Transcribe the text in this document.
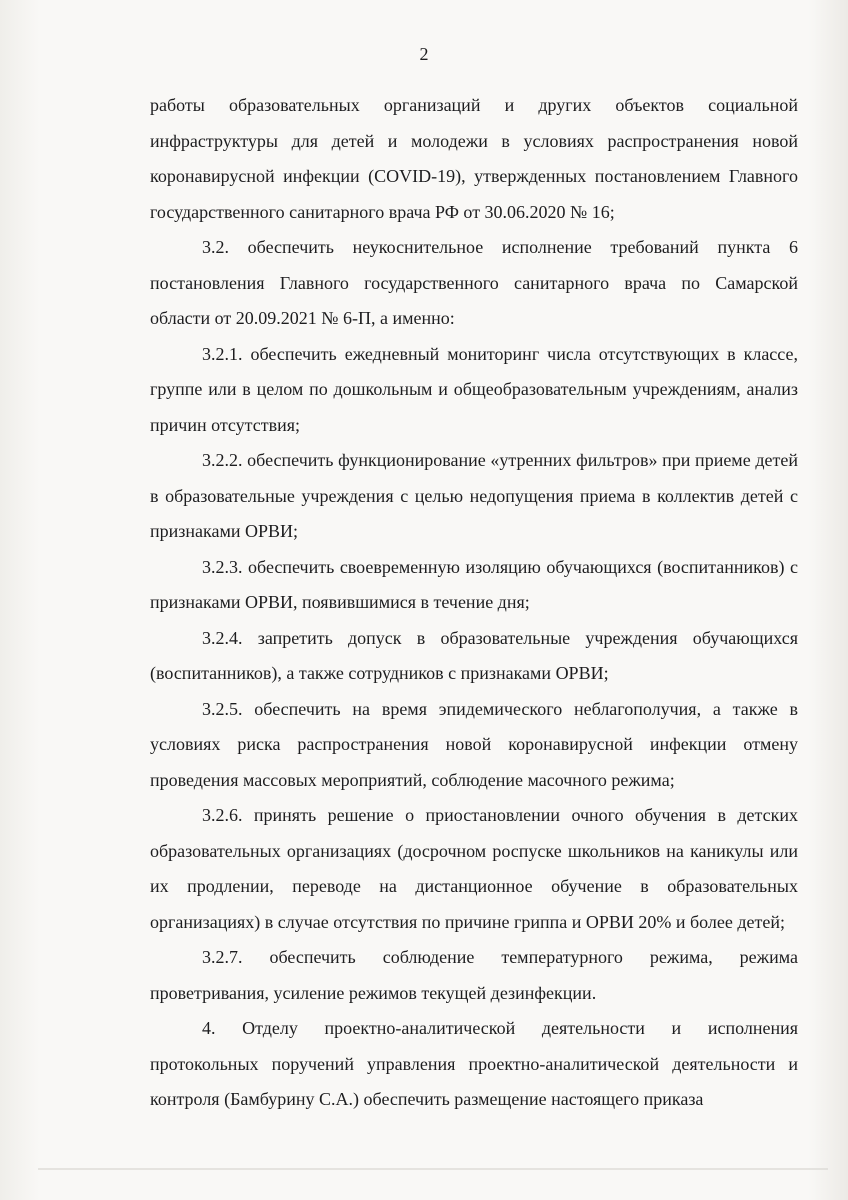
2

работы образовательных организаций и других объектов социальной инфраструктуры для детей и молодежи в условиях распространения новой коронавирусной инфекции (COVID-19), утвержденных постановлением Главного государственного санитарного врача РФ от 30.06.2020 № 16;

3.2. обеспечить неукоснительное исполнение требований пункта 6 постановления Главного государственного санитарного врача по Самарской области от 20.09.2021 № 6-П, а именно:

3.2.1. обеспечить ежедневный мониторинг числа отсутствующих в классе, группе или в целом по дошкольным и общеобразовательным учреждениям, анализ причин отсутствия;

3.2.2. обеспечить функционирование «утренних фильтров» при приеме детей в образовательные учреждения с целью недопущения приема в коллектив детей с признаками ОРВИ;

3.2.3. обеспечить своевременную изоляцию обучающихся (воспитанников) с признаками ОРВИ, появившимися в течение дня;

3.2.4. запретить допуск в образовательные учреждения обучающихся (воспитанников), а также сотрудников с признаками ОРВИ;

3.2.5. обеспечить на время эпидемического неблагополучия, а также в условиях риска распространения новой коронавирусной инфекции отмену проведения массовых мероприятий, соблюдение масочного режима;

3.2.6. принять решение о приостановлении очного обучения в детских образовательных организациях (досрочном роспуске школьников на каникулы или их продлении, переводе на дистанционное обучение в образовательных организациях) в случае отсутствия по причине гриппа и ОРВИ 20% и более детей;

3.2.7. обеспечить соблюдение температурного режима, режима проветривания, усиление режимов текущей дезинфекции.

4. Отделу проектно-аналитической деятельности и исполнения протокольных поручений управления проектно-аналитической деятельности и контроля (Бамбурину С.А.) обеспечить размещение настоящего приказа
